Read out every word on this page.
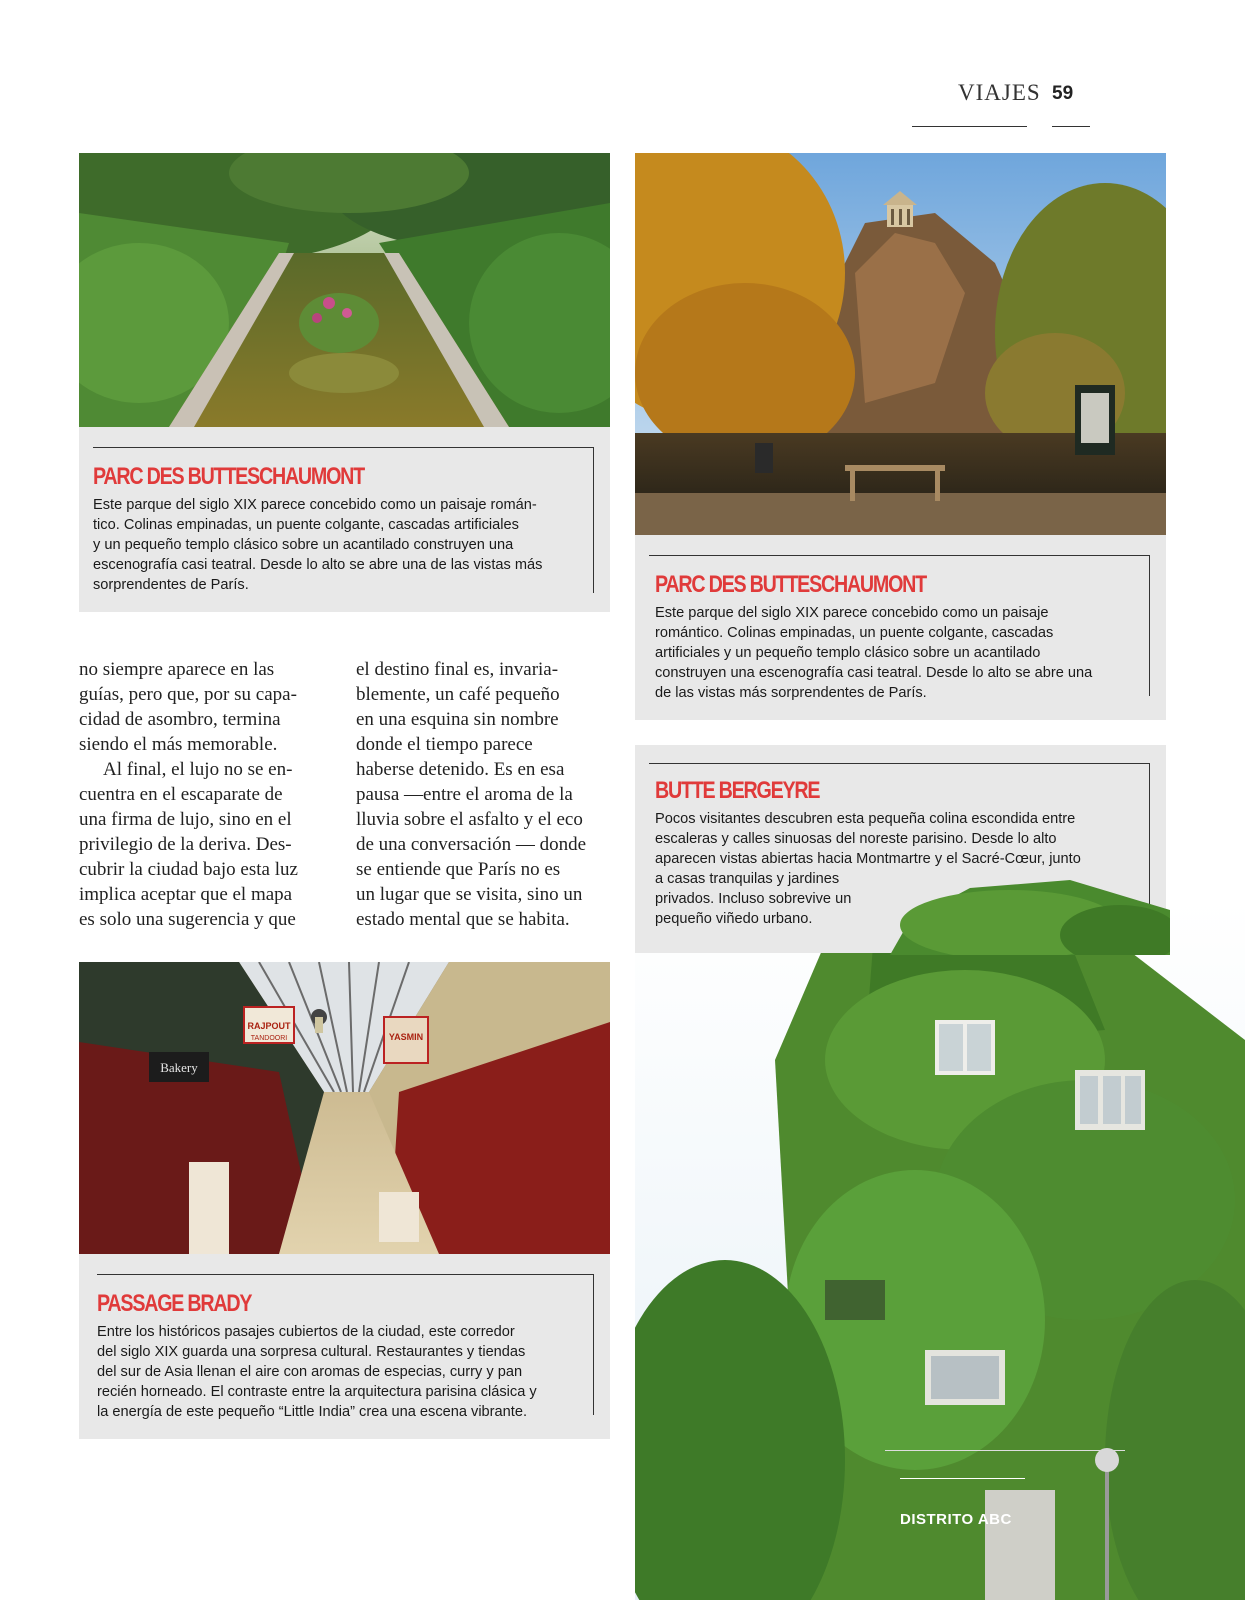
VIAJES 59
PARC DES BUTTESCHAUMONT
Este parque del siglo XIX parece concebido como un paisaje román-
tico. Colinas empinadas, un puente colgante, cascadas artificiales
y un pequeño templo clásico sobre un acantilado construyen una
escenografía casi teatral. Desde lo alto se abre una de las vistas más
sorprendentes de París.	PARC DES BUTTESCHAUMONT
Este parque del siglo XIX parece concebido como un paisaje
romántico. Colinas empinadas, un puente colgante, cascadas
artificiales y un pequeño templo clásico sobre un acantilado
construyen una escenografía casi teatral. Desde lo alto se abre una
de las vistas más sorprendentes de París.

no siempre aparece en las

guías, pero que, por su capa-

cidad de asombro, termina

siendo el más memorable.

Al final, el lujo no se en-

cuentra en el escaparate de

una firma de lujo, sino en el

privilegio de la deriva. Des-

cubrir la ciudad bajo esta luz

implica aceptar que el mapa

es solo una sugerencia y que

el destino final es, invaria-

blemente, un café pequeño

en una esquina sin nombre

donde el tiempo parece

haberse detenido. Es en esa

pausa —entre el aroma de la

lluvia sobre el asfalto y el eco

de una conversación — donde

se entiende que París no es

un lugar que se visita, sino un

estado mental que se habita.

BUTTE BERGEYRE
Pocos visitantes descubren esta pequeña colina escondida entre
escaleras y calles sinuosas del noreste parisino. Desde lo alto
aparecen vistas abiertas hacia Montmartre y el Sacré-Cœur, junto
a casas tranquilas y jardines
privados. Incluso sobrevive un
pequeño viñedo urbano.
RAJPOUT
TANDOORI	YASMIN
Bakery
PASSAGE BRADY
Entre los históricos pasajes cubiertos de la ciudad, este corredor
del siglo XIX guarda una sorpresa cultural. Restaurantes y tiendas
del sur de Asia llenan el aire con aromas de especias, curry y pan
recién horneado. El contraste entre la arquitectura parisina clásica y
la energía de este pequeño “Little India” crea una escena vibrante.
DISTRITO ABC
